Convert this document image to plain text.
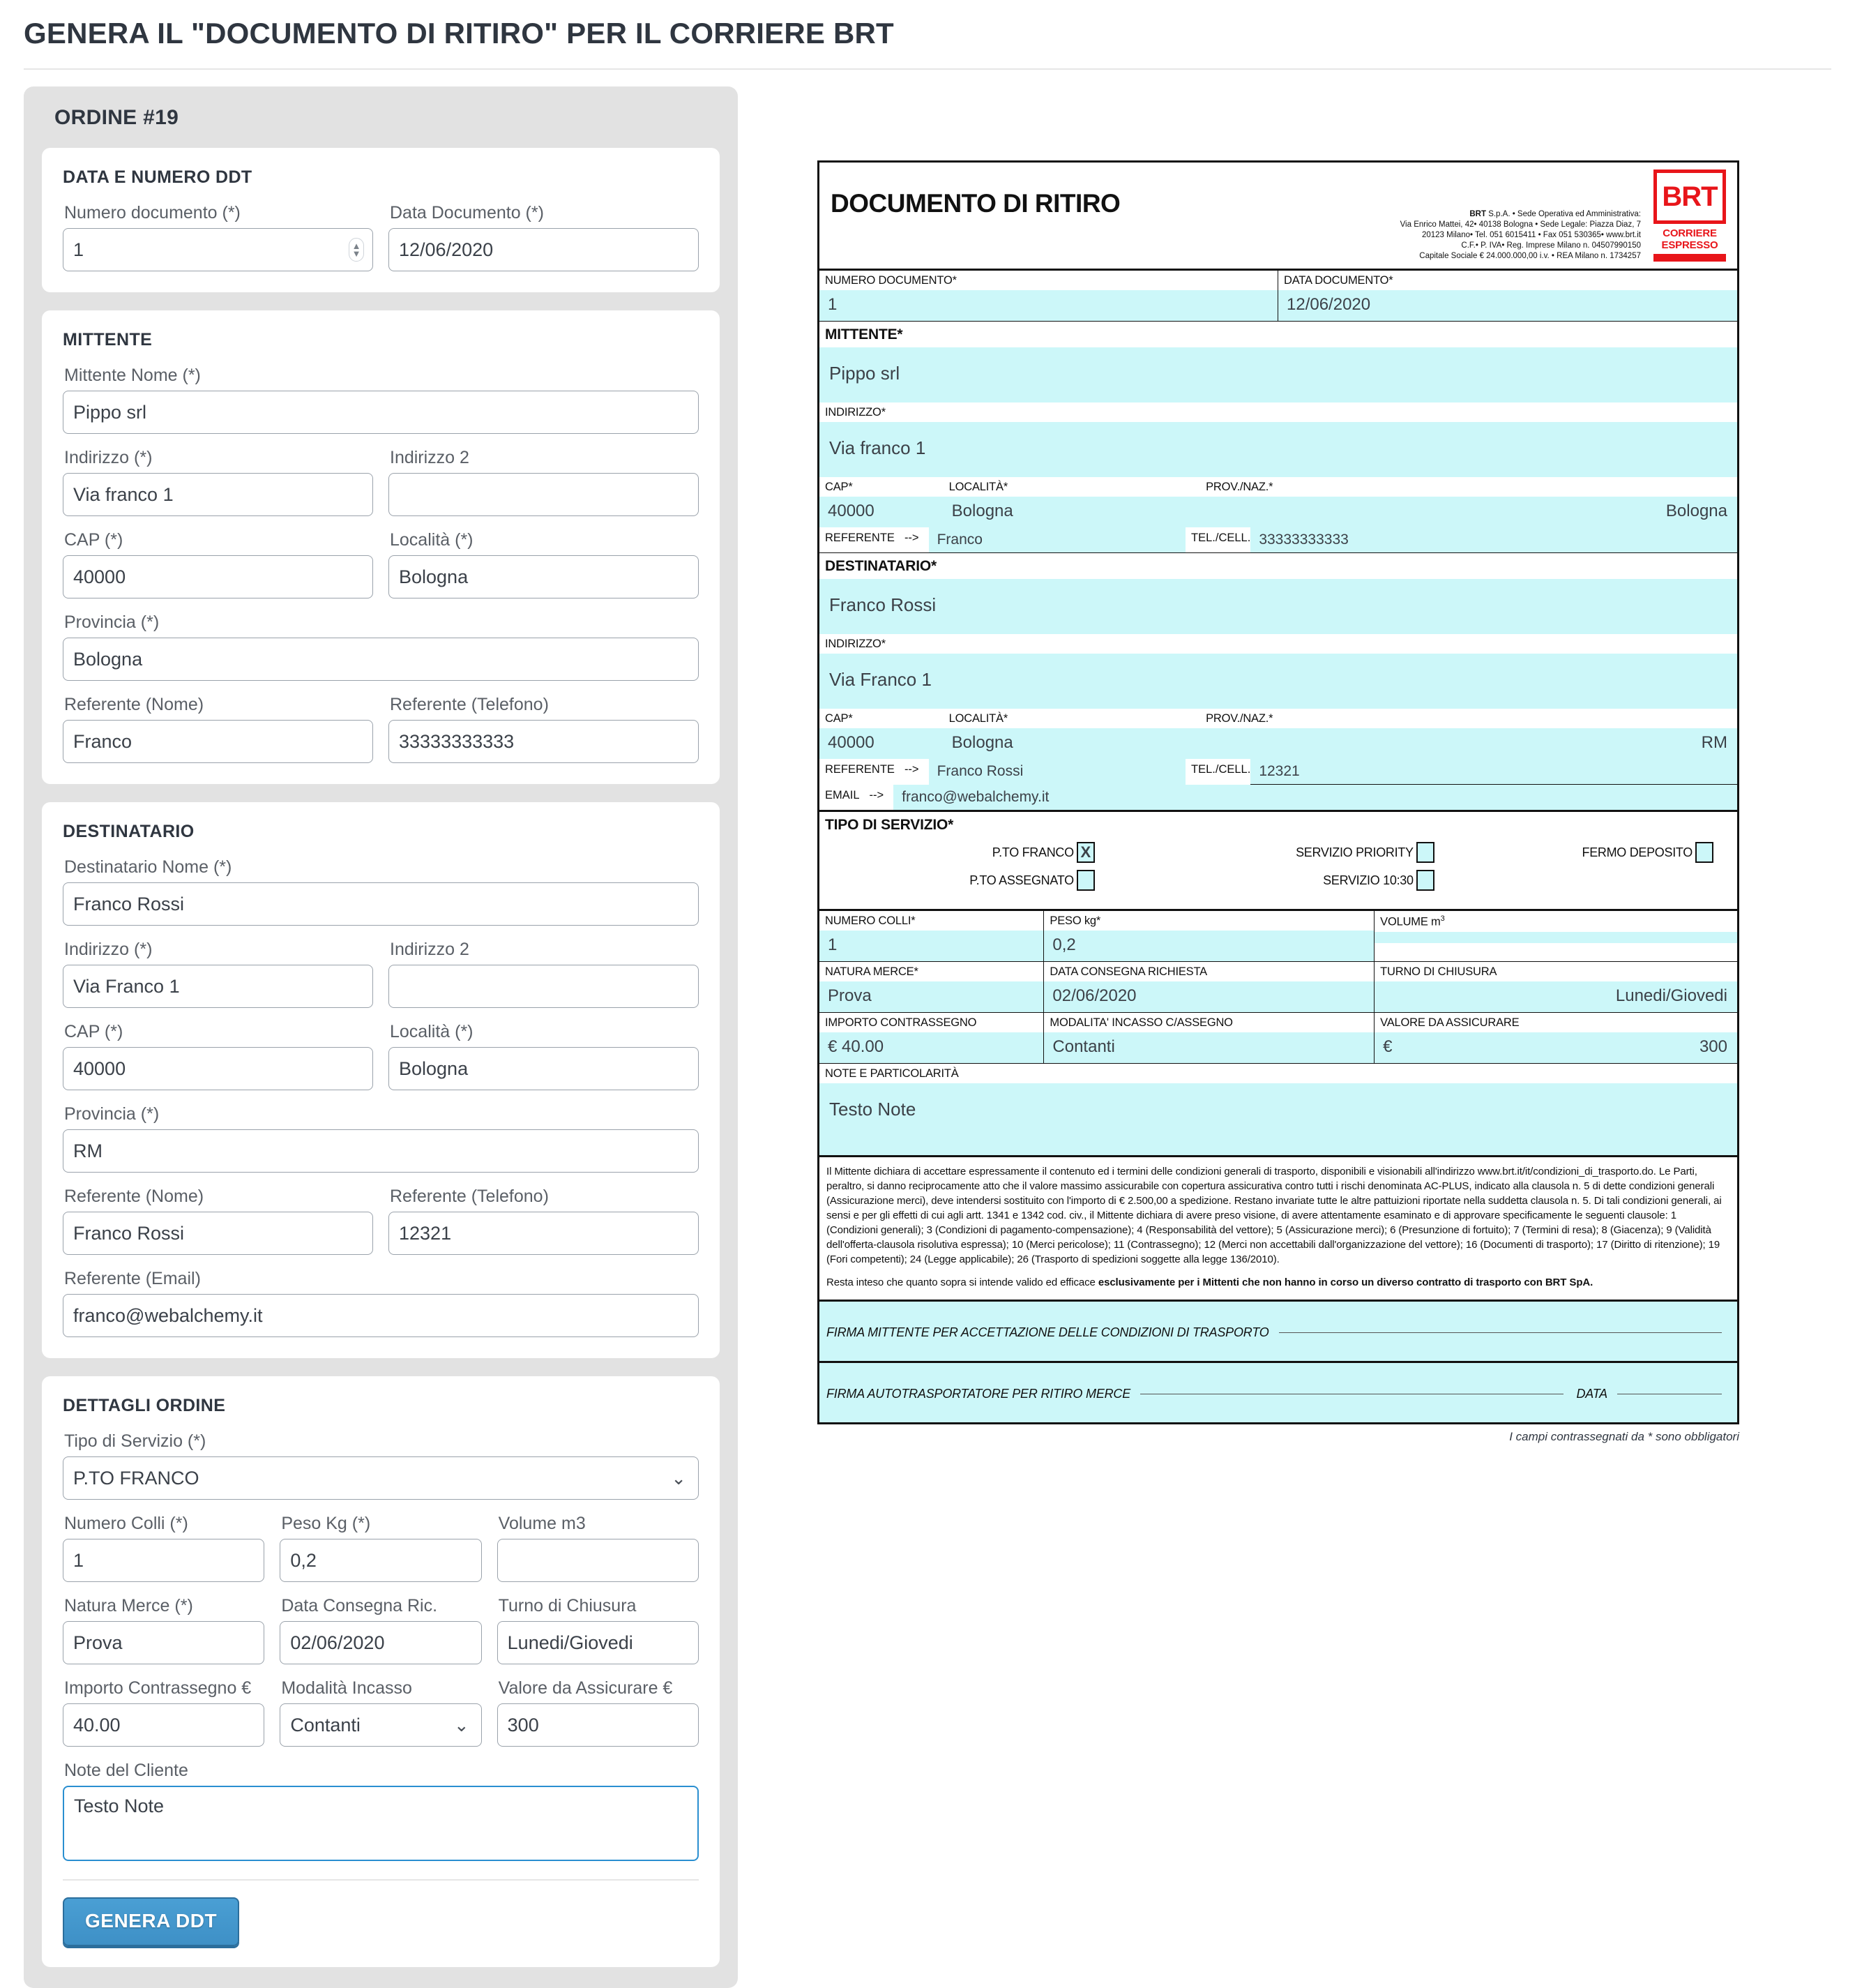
GENERA IL "DOCUMENTO DI RITIRO" PER IL CORRIERE BRT
ORDINE #19
DATA E NUMERO DDT
Numero documento (*)
1	▲
▼
Data Documento (*)
12/06/2020
MITTENTE
Mittente Nome (*)
Pippo srl
Indirizzo (*)
Via franco 1
Indirizzo 2
CAP (*)
40000
Località (*)
Bologna
Provincia (*)
Bologna
Referente (Nome)
Franco
Referente (Telefono)
33333333333
DESTINATARIO
Destinatario Nome (*)
Franco Rossi
Indirizzo (*)
Via Franco 1
Indirizzo 2
CAP (*)
40000
Località (*)
Bologna
Provincia (*)
RM
Referente (Nome)
Franco Rossi
Referente (Telefono)
12321
Referente (Email)
franco@webalchemy.it
DETTAGLI ORDINE
Tipo di Servizio (*)
P.TO FRANCO	⌄
Numero Colli (*)
1
Peso Kg (*)
0,2
Volume m3
Natura Merce (*)
Prova
Data Consegna Ric.
02/06/2020
Turno di Chiusura
Lunedi/Giovedi
Importo Contrassegno €
40.00
Modalità Incasso
Contanti	⌄
Valore da Assicurare €
300
Note del Cliente
Testo Note
GENERA DDT
DOCUMENTO DI RITIRO	BRT S.p.A. • Sede Operativa ed Amministrativa:
Via Enrico Mattei, 42• 40138 Bologna • Sede Legale: Piazza Diaz, 7
20123 Milano• Tel. 051 6015411 • Fax 051 530365• www.brt.it
C.F.• P. IVA• Reg. Imprese Milano n. 04507990150
Capitale Sociale € 24.000.000,00 i.v. • REA Milano n. 1734257
BRT
CORRIERE
ESPRESSO
NUMERO DOCUMENTO*
1
DATA DOCUMENTO*
12/06/2020
MITTENTE*
Pippo srl
INDIRIZZO*
Via franco 1
CAP*	LOCALITÀ*	PROV./NAZ.*
40000	Bologna	Bologna
REFERENTE -->	Franco	TEL./CELL. 33333333333
DESTINATARIO*
Franco Rossi
INDIRIZZO*
Via Franco 1
CAP*	LOCALITÀ*	PROV./NAZ.*
40000	Bologna	RM
REFERENTE -->	Franco Rossi	TEL./CELL. 12321
EMAIL -->	franco@webalchemy.it
TIPO DI SERVIZIO*
P.TO FRANCO X	SERVIZIO PRIORITY	FERMO DEPOSITO
P.TO ASSEGNATO	SERVIZIO 10:30
NUMERO COLLI*
1
PESO kg*
0,2
VOLUME $m^3$
NATURA MERCE*
Prova
DATA CONSEGNA RICHIESTA
02/06/2020
TURNO DI CHIUSURA
Lunedi/Giovedi
IMPORTO CONTRASSEGNO
€ 40.00
MODALITA' INCASSO C/ASSEGNO
Contanti
VALORE DA ASSICURARE
€	300
NOTE E PARTICOLARITÀ
Testo Note

Il Mittente dichiara di accettare espressamente il contenuto ed i termini delle condizioni generali di trasporto, disponibili e visionabili all'indirizzo www.brt.it/it/condizioni_di_trasporto.do. Le Parti, peraltro, si danno reciprocamente atto che il valore massimo assicurabile con copertura assicurativa contro tutti i rischi denominata AC-PLUS, indicato alla clausola n. 5 di dette condizioni generali (Assicurazione merci), deve intendersi sostituito con l'importo di € 2.500,00 a spedizione. Restano invariate tutte le altre pattuizioni riportate nella suddetta clausola n. 5. Di tali condizioni generali, ai sensi e per gli effetti di cui agli artt. 1341 e 1342 cod. civ., il Mittente dichiara di avere preso visione, di avere attentamente esaminato e di approvare specificamente le seguenti clausole: 1 (Condizioni generali); 3 (Condizioni di pagamento-compensazione); 4 (Responsabilità del vettore); 5 (Assicurazione merci); 6 (Presunzione di fortuito); 7 (Termini di resa); 8 (Giacenza); 9 (Validità dell'offerta-clausola risolutiva espressa); 10 (Merci pericolose); 11 (Contrassegno); 12 (Merci non accettabili dall'organizzazione del vettore); 16 (Documenti di trasporto); 17 (Diritto di ritenzione); 19 (Fori competenti); 24 (Legge applicabile); 26 (Trasporto di spedizioni soggette alla legge 136/2010).

Resta inteso che quanto sopra si intende valido ed efficace esclusivamente per i Mittenti che non hanno in corso un diverso contratto di trasporto con BRT SpA.

FIRMA MITTENTE PER ACCETTAZIONE DELLE CONDIZIONI DI TRASPORTO
FIRMA AUTOTRASPORTATORE PER RITIRO MERCE	DATA
I campi contrassegnati da * sono obbligatori
